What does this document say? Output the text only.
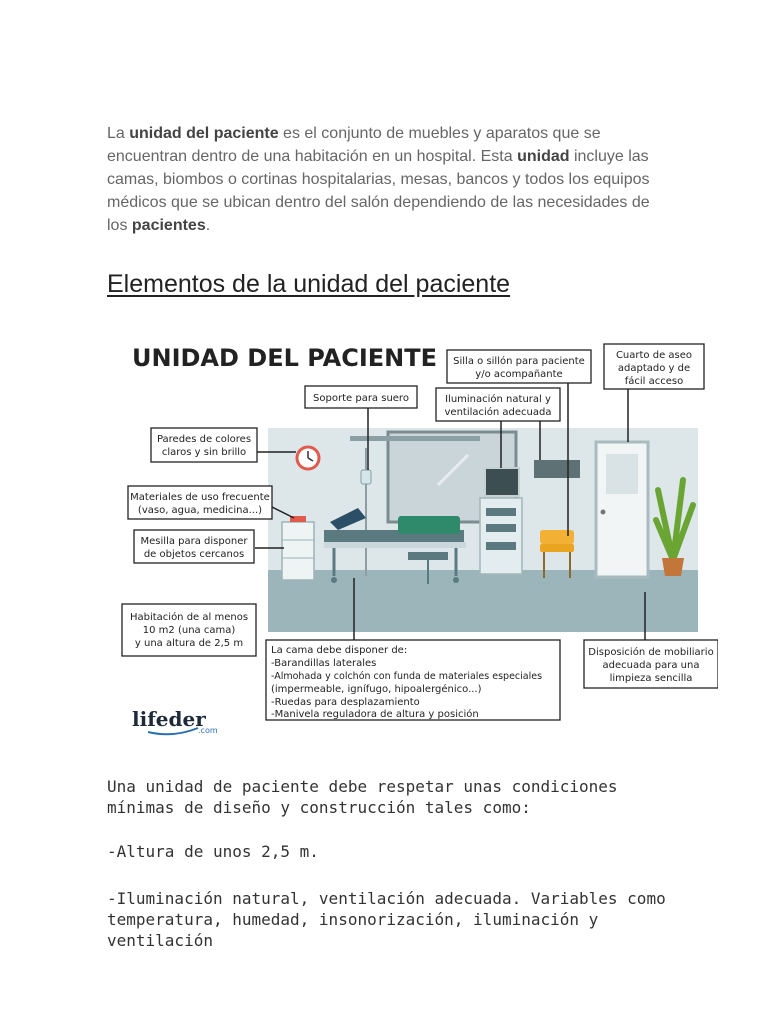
La unidad del paciente es el conjunto de muebles y aparatos que se encuentran dentro de una habitación en un hospital. Esta unidad incluye las camas, biombos o cortinas hospitalarias, mesas, bancos y todos los equipos médicos que se ubican dentro del salón dependiendo de las necesidades de los pacientes.
Elementos de la unidad del paciente
UNIDAD DEL PACIENTE
Soporte para suero
Silla o sillón para paciente
y/o acompañante
Cuarto de aseo
adaptado y de
fácil acceso
Iluminación natural y
ventilación adecuada
Paredes de colores
claros y sin brillo
Materiales de uso frecuente
(vaso, agua, medicina...)
Mesilla para disponer
de objetos cercanos
Habitación de al menos
10 m2 (una cama)
y una altura de 2,5 m
La cama debe disponer de:
-Barandillas laterales
-Almohada y colchón con funda de materiales especiales
(impermeable, ignífugo, hipoalergénico...)
-Ruedas para desplazamiento
-Manivela reguladora de altura y posición
Disposición de mobiliario
adecuada para una
limpieza sencilla
lifeder
.com
Una unidad de paciente debe respetar unas condiciones mínimas de diseño y construcción tales como:
-Altura de unos 2,5 m.
-Iluminación natural, ventilación adecuada. Variables como temperatura, humedad, insonorización, iluminación y ventilación
